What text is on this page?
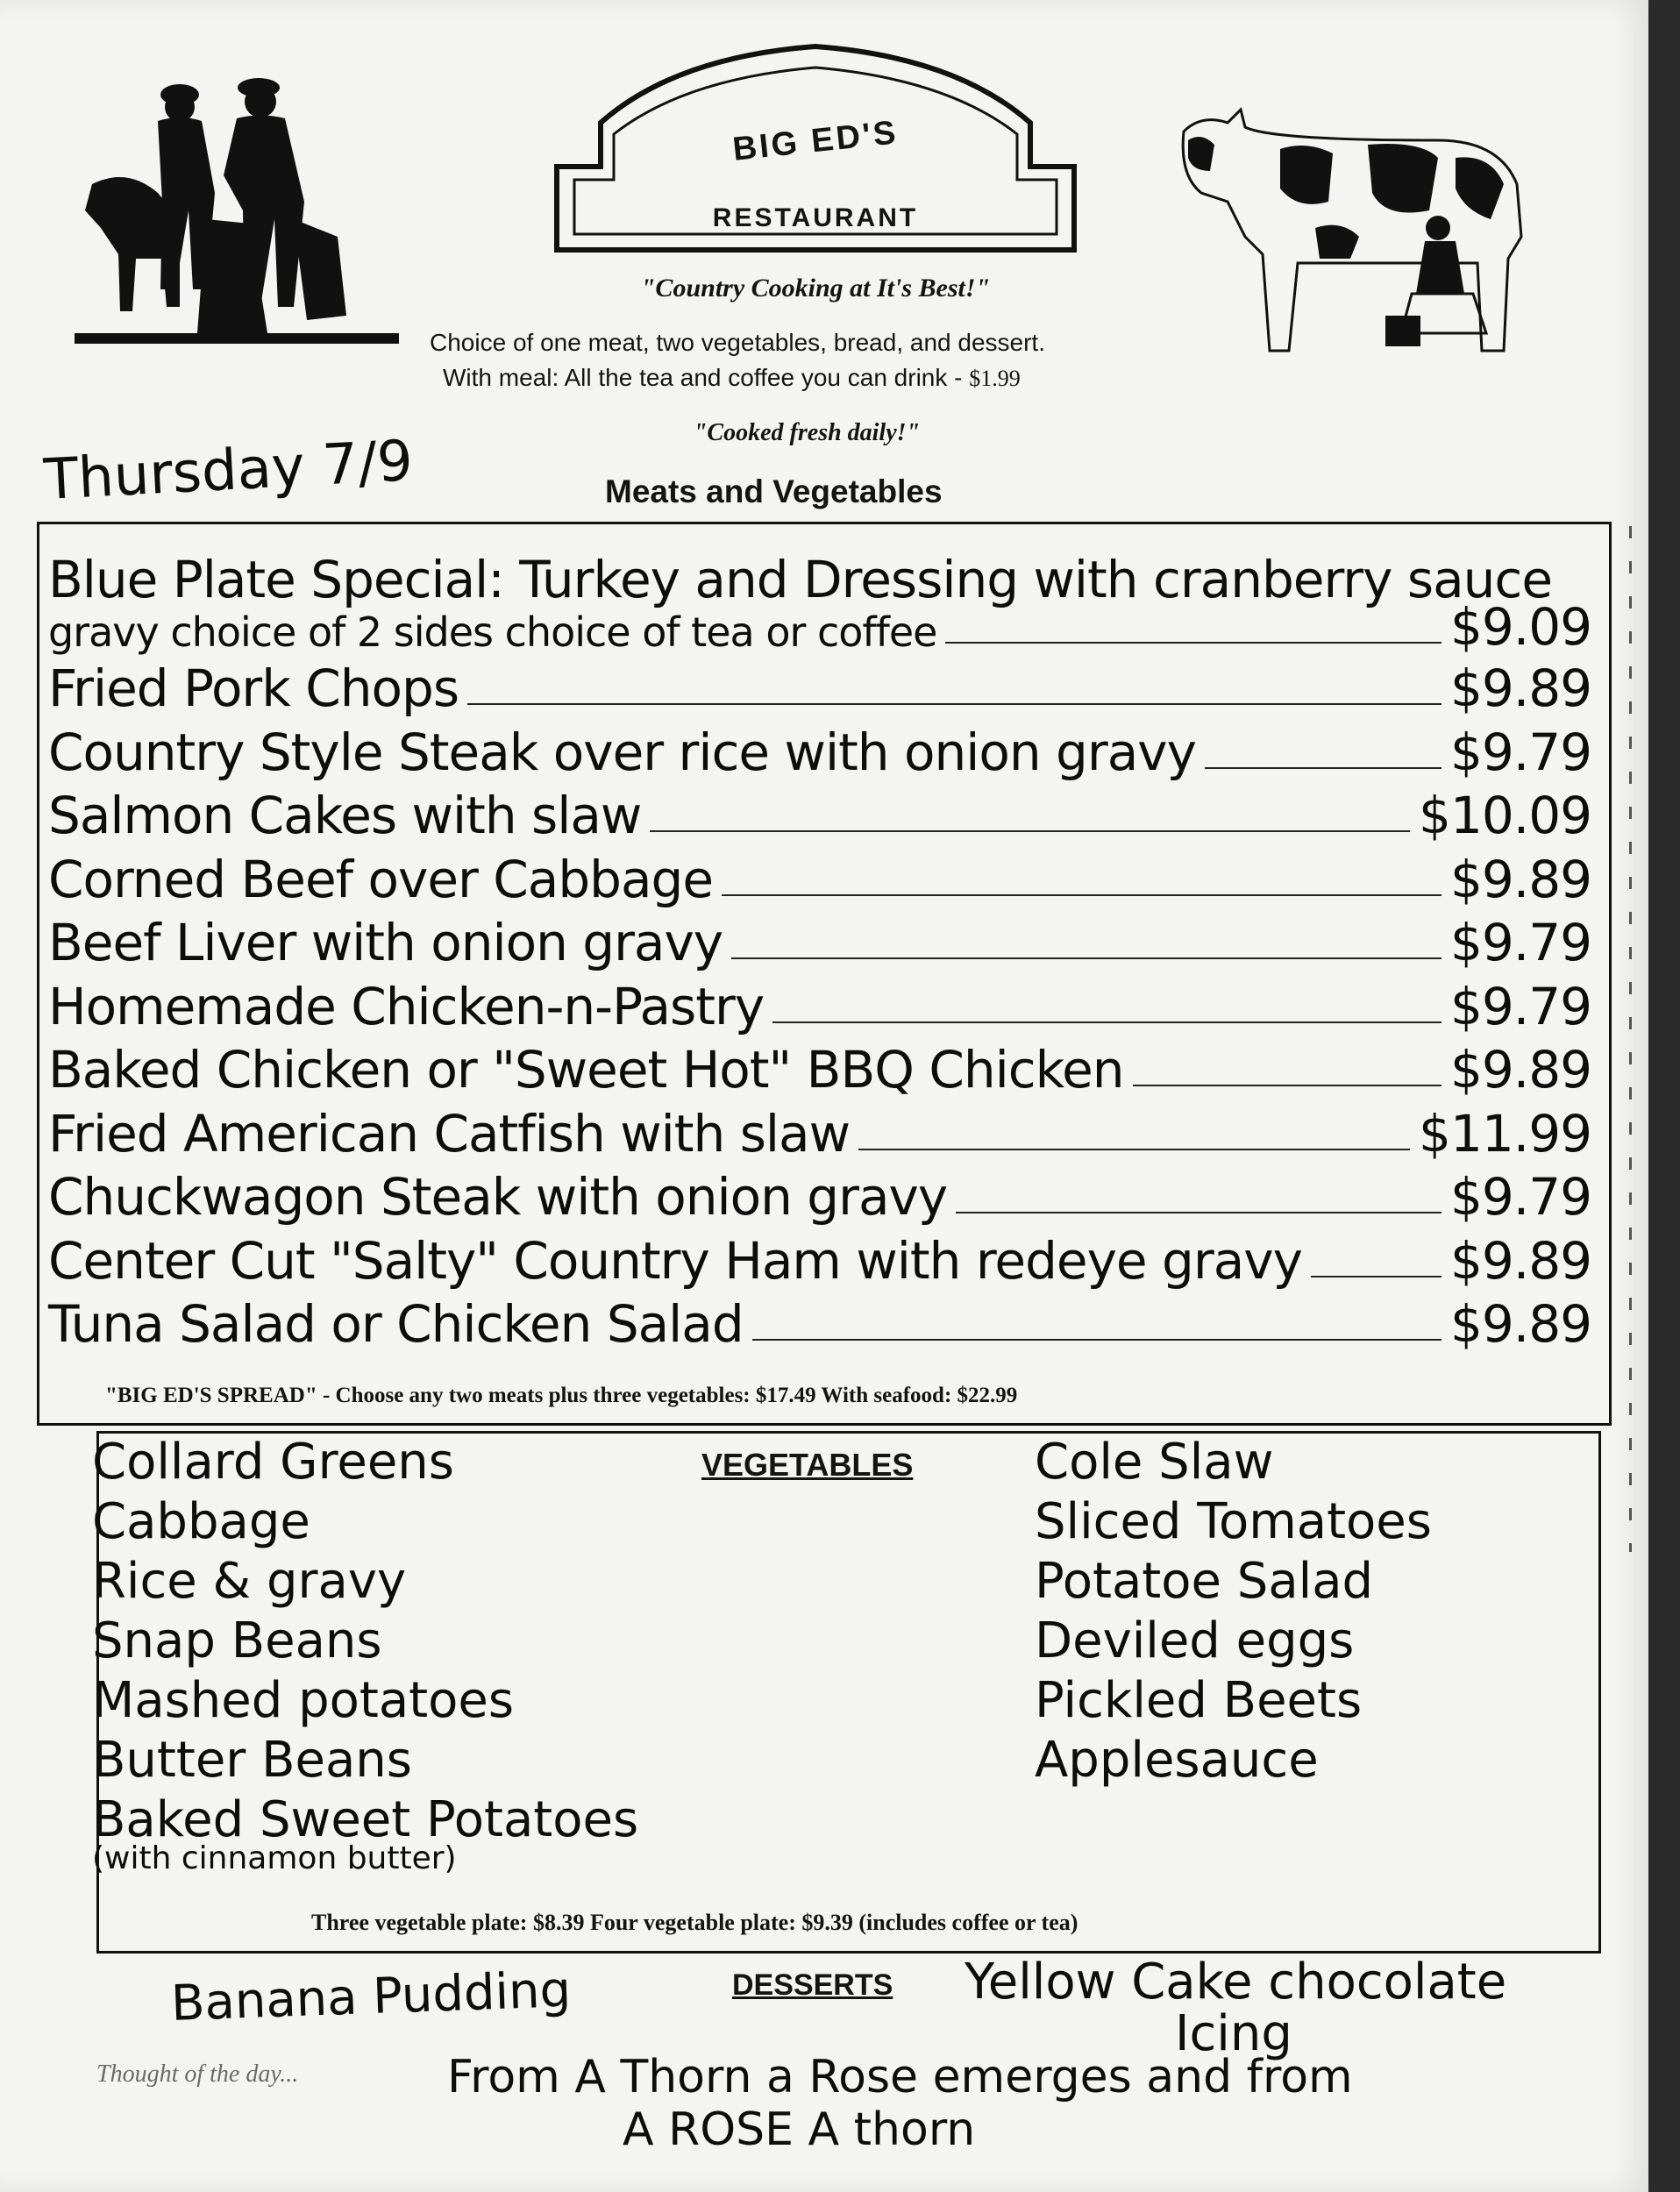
BIG ED'S
RESTAURANT
"Country Cooking at It's Best!"
Choice of one meat, two vegetables, bread, and dessert.
With meal: All the tea and coffee you can drink - $1.99
"Cooked fresh daily!"
Thursday 7/9	Meats and Vegetables
Blue Plate Special: Turkey and Dressing with cranberry sauce
gravy choice of 2 sides choice of tea or coffee	$9.09
Fried Pork Chops	$9.89
Country Style Steak over rice with onion gravy	$9.79
Salmon Cakes with slaw	$10.09
Corned Beef over Cabbage	$9.89
Beef Liver with onion gravy	$9.79
Homemade Chicken-n-Pastry	$9.79
Baked Chicken or "Sweet Hot" BBQ Chicken	$9.89
Fried American Catfish with slaw	$11.99
Chuckwagon Steak with onion gravy	$9.79
Center Cut "Salty" Country Ham with redeye gravy	$9.89
Tuna Salad or Chicken Salad	$9.89
"BIG ED'S SPREAD" - Choose any two meats plus three vegetables: $17.49 With seafood: $22.99
VEGETABLES
Collard Greens
Cabbage
Rice & gravy
Snap Beans
Mashed potatoes
Butter Beans
Baked Sweet Potatoes
(with cinnamon butter)
Cole Slaw
Sliced Tomatoes
Potatoe Salad
Deviled eggs
Pickled Beets
Applesauce
Three vegetable plate: $8.39 Four vegetable plate: $9.39 (includes coffee or tea)
DESSERTS
Banana Pudding	Yellow Cake chocolate
Icing
Thought of the day...	From A Thorn a Rose emerges and from
A ROSE A thorn
